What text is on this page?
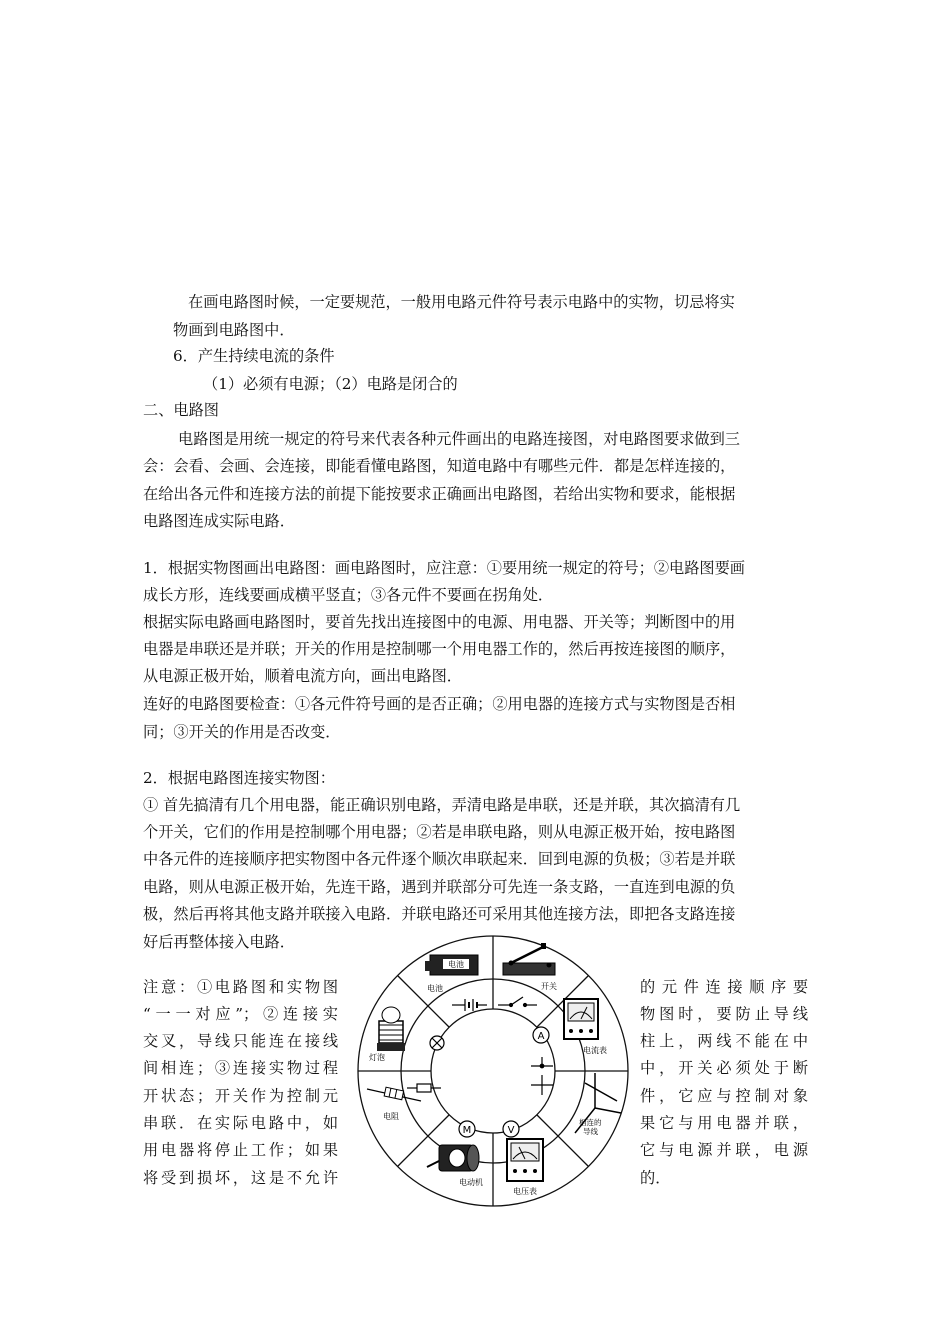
在画电路图时候，一定要规范，一般用电路元件符号表示电路中的实物，切忌将实
物画到电路图中．
6．产生持续电流的条件
（1）必须有电源；（2）电路是闭合的
二、电路图
电路图是用统一规定的符号来代表各种元件画出的电路连接图，对电路图要求做到三
会：会看、会画、会连接，即能看懂电路图，知道电路中有哪些元件．都是怎样连接的，
在给出各元件和连接方法的前提下能按要求正确画出电路图，若给出实物和要求，能根据
电路图连成实际电路．
1．根据实物图画出电路图：画电路图时，应注意：①要用统一规定的符号；②电路图要画
成长方形，连线要画成横平竖直；③各元件不要画在拐角处．
根据实际电路画电路图时，要首先找出连接图中的电源、用电器、开关等；判断图中的用
电器是串联还是并联；开关的作用是控制哪一个用电器工作的，然后再按连接图的顺序，
从电源正极开始，顺着电流方向，画出电路图．
连好的电路图要检查：①各元件符号画的是否正确；②用电器的连接方式与实物图是否相
同；③开关的作用是否改变．
2．根据电路图连接实物图：
① 首先搞清有几个用电器，能正确识别电路，弄清电路是串联，还是并联，其次搞清有几
个开关，它们的作用是控制哪个用电器；②若是串联电路，则从电源正极开始，按电路图
中各元件的连接顺序把实物图中各元件逐个顺次串联起来．回到电源的负极；③若是并联
电路，则从电源正极开始，先连干路，遇到并联部分可先连一条支路，一直连到电源的负
极，然后再将其他支路并联接入电路．并联电路还可采用其他连接方法，即把各支路连接
好后再整体接入电路．
注意：①电路图和实物图
“一一对应”；②连接实
交叉，导线只能连在接线
间相连；③连接实物过程
开状态；开关作为控制元
串联．在实际电路中，如
用电器将停止工作；如果
将受到损坏，这是不允许
的元件连接顺序要
物图时，要防止导线
柱上，两线不能在中
中，开关必须处于断
件，它应与控制对象
果它与用电器并联，
它与电源并联，电源
的．
电池
电池	开关
电流表
相连的
导线
电压表
电动机
电阻
灯泡
A
V
M
